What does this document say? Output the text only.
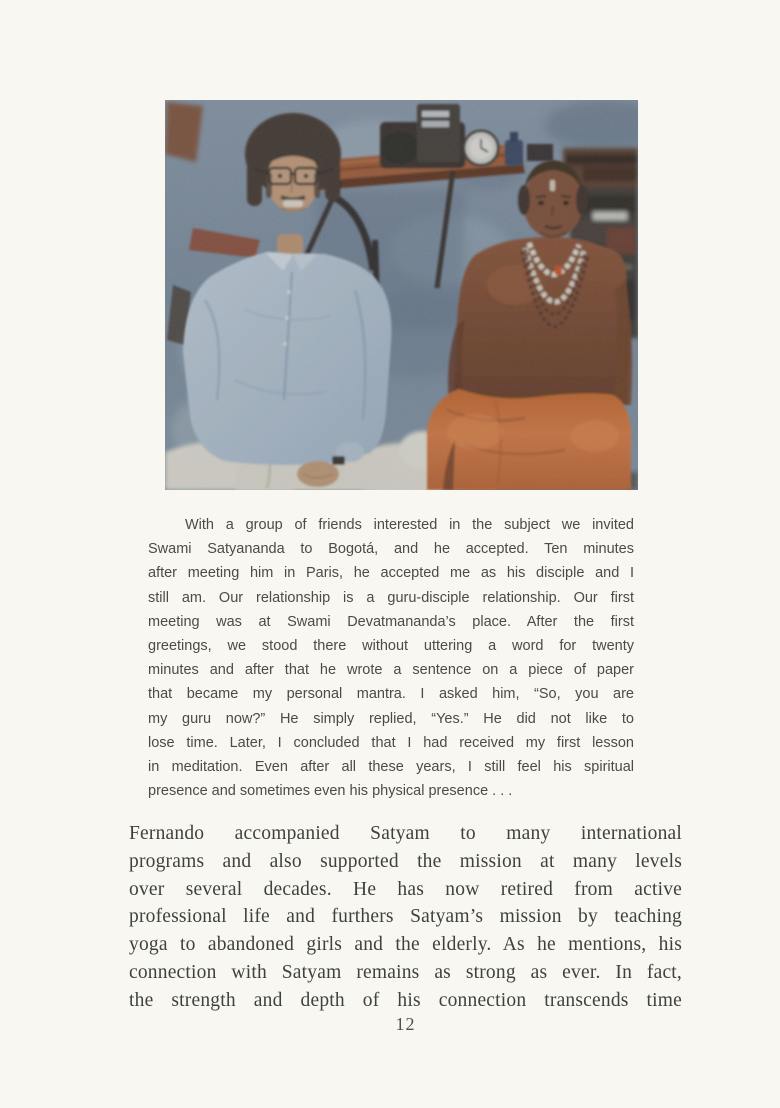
With a group of friends interested in the subject we invited
Swami Satyananda to Bogotá, and he accepted. Ten minutes
after meeting him in Paris, he accepted me as his disciple and I
still am. Our relationship is a guru-disciple relationship. Our first
meeting was at Swami Devatmananda’s place. After the first
greetings, we stood there without uttering a word for twenty
minutes and after that he wrote a sentence on a piece of paper
that became my personal mantra. I asked him, “So, you are
my guru now?” He simply replied, “Yes.” He did not like to
lose time. Later, I concluded that I had received my first lesson
in meditation. Even after all these years, I still feel his spiritual
presence and sometimes even his physical presence . . .
Fernando accompanied Satyam to many international
programs and also supported the mission at many levels
over several decades. He has now retired from active
professional life and furthers Satyam’s mission by teaching
yoga to abandoned girls and the elderly. As he mentions, his
connection with Satyam remains as strong as ever. In fact,
the strength and depth of his connection transcends time
12
